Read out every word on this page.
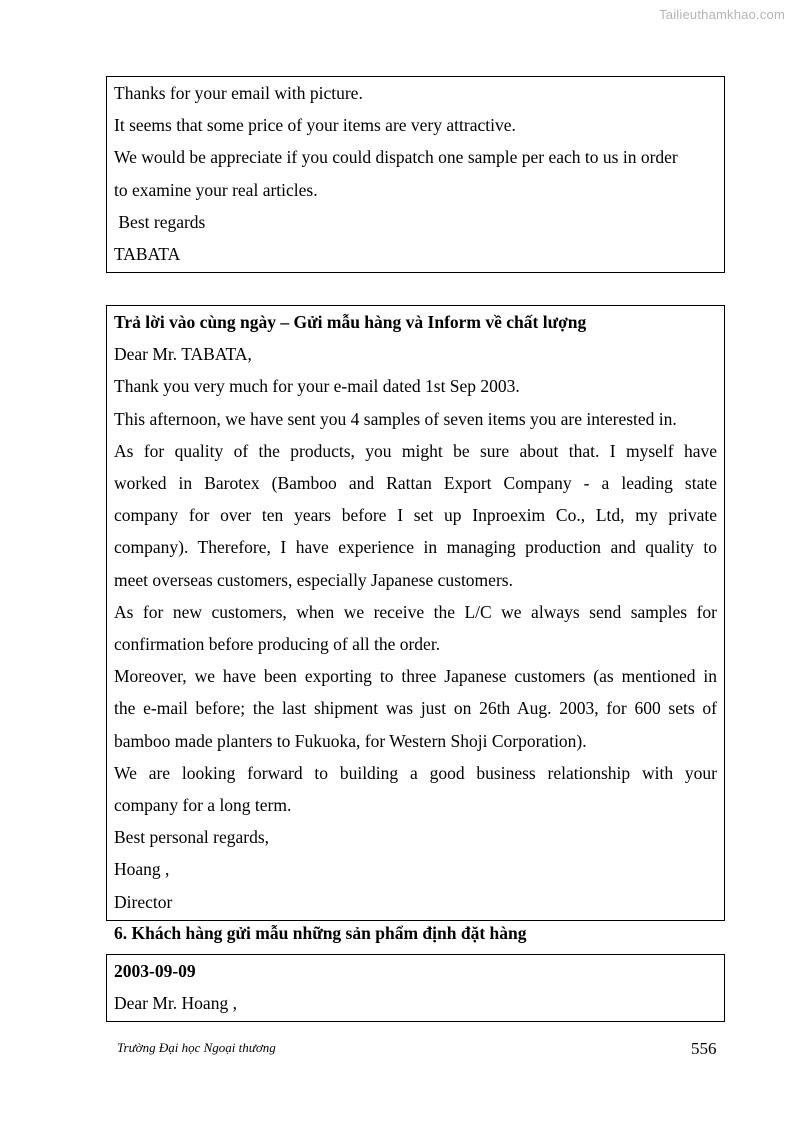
Tailieuthamkhao.com
Thanks for your email with picture.
It seems that some price of your items are very attractive.
We would be appreciate if you could dispatch one sample per each to us in order
to examine your real articles.
Best regards
TABATA
Trả lời vào cùng ngày – Gửi mẫu hàng và Inform về chất lượng
Dear Mr. TABATA,
Thank you very much for your e-mail dated 1st Sep 2003.
This afternoon, we have sent you 4 samples of seven items you are interested in.
As for quality of the products, you might be sure about that. I myself have
worked in Barotex (Bamboo and Rattan Export Company - a leading state
company for over ten years before I set up Inproexim Co., Ltd, my private
company). Therefore, I have experience in managing production and quality to
meet overseas customers, especially Japanese customers.
As for new customers, when we receive the L/C we always send samples for
confirmation before producing of all the order.
Moreover, we have been exporting to three Japanese customers (as mentioned in
the e-mail before; the last shipment was just on 26th Aug. 2003, for 600 sets of
bamboo made planters to Fukuoka, for Western Shoji Corporation).
We are looking forward to building a good business relationship with your
company for a long term.
Best personal regards,
Hoang ,
Director
6. Khách hàng gửi mẫu những sản phẩm định đặt hàng
2003-09-09
Dear Mr. Hoang ,
Trường Đại học Ngoại thương	556
